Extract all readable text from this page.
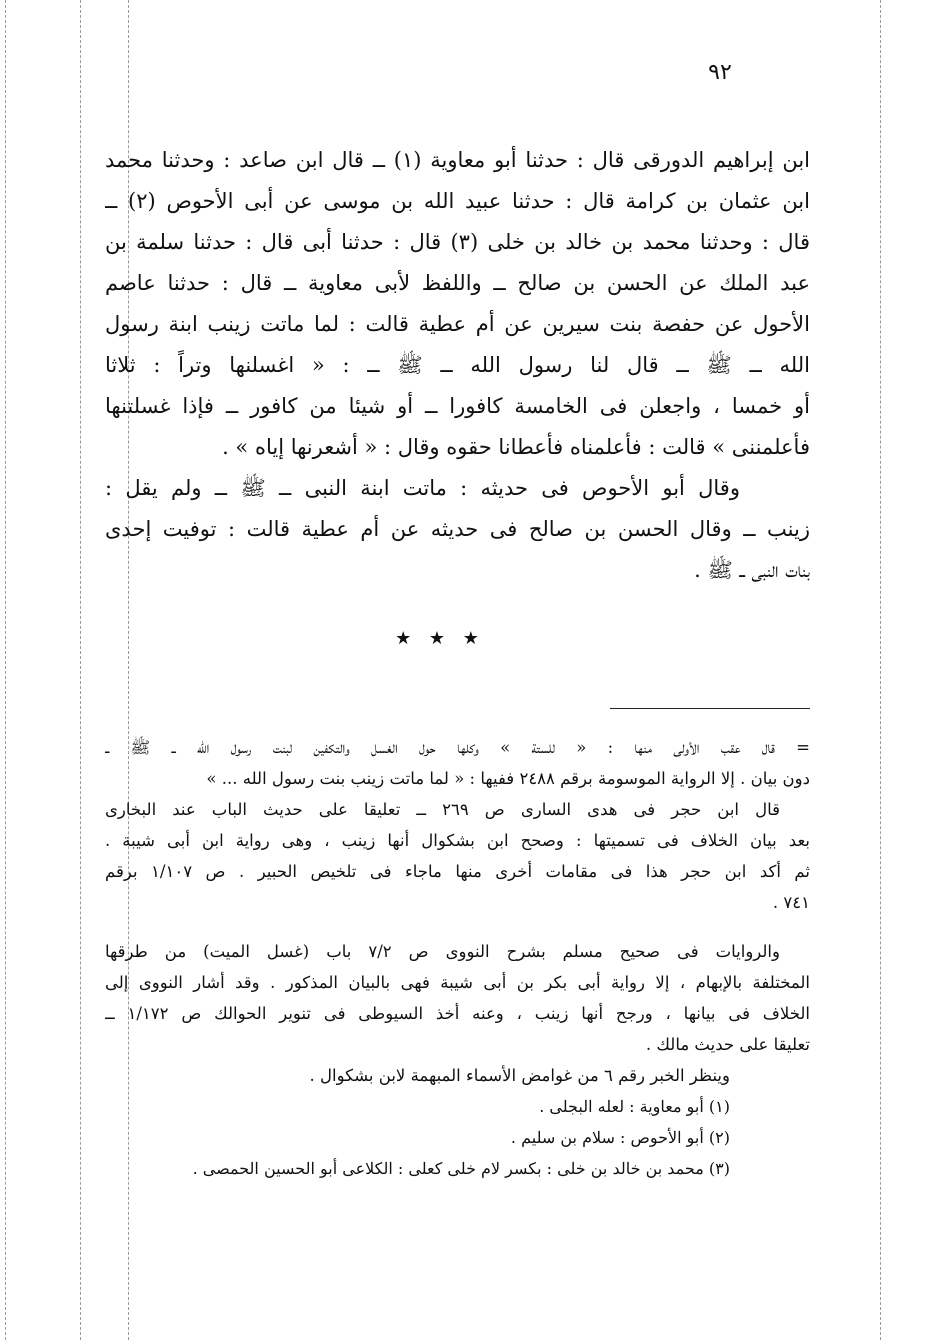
٩٢
ابن إبراهيم الدورقى قال : حدثنا أبو معاوية (١) ــ قال ابن صاعد : وحدثنا محمد
ابن عثمان بن كرامة قال : حدثنا عبيد الله بن موسى عن أبى الأحوص (٢) ــ
قال : وحدثنا محمد بن خالد بن خلى (٣) قال : حدثنا أبى قال : حدثنا سلمة بن
عبد الملك عن الحسن بن صالح ــ واللفظ لأبى معاوية ــ قال : حدثنا عاصم
الأحول عن حفصة بنت سيرين عن أم عطية قالت : لما ماتت زينب ابنة رسول
الله ــ ﷺ ــ قال لنا رسول الله ــ ﷺ ــ : « اغسلنها وتراً : ثلاثا
أو خمسا ، واجعلن فى الخامسة كافورا ــ أو شيئا من كافور ــ فإذا غسلتنها
فأعلمننى » قالت : فأعلمناه فأعطانا حقوه وقال : « أشعرنها إياه » .
وقال أبو الأحوص فى حديثه : ماتت ابنة النبى ــ ﷺ ــ ولم يقل :
زينب ــ وقال الحسن بن صالح فى حديثه عن أم عطية قالت : توفيت إحدى
بنات النبى ــ ﷺ .
★ ★ ★
= قال عقب الأولى منها : « للستة » وكلها حول الغسل والتكفين لبنت رسول الله ــ ﷺ ــ
دون بيان . إلا الرواية الموسومة برقم ٢٤٨٨ ففيها : « لما ماتت زينب بنت رسول الله ... »
قال ابن حجر فى هدى السارى ص ٢٦٩ ــ تعليقا على حديث الباب عند البخارى
بعد بيان الخلاف فى تسميتها : وصحح ابن بشكوال أنها زينب ، وهى رواية ابن أبى شيبة .
ثم أكد ابن حجر هذا فى مقامات أخرى منها ماجاء فى تلخيص الحبير . ص ١/١٠٧ برقم
٧٤١ .
والروايات فى صحيح مسلم بشرح النووى ص ٧/٢ باب (غسل الميت) من طرقها
المختلفة بالإبهام ، إلا رواية أبى بكر بن أبى شيبة فهى بالبيان المذكور . وقد أشار النووى إلى
الخلاف فى بيانها ، ورجح أنها زينب ، وعنه أخذ السيوطى فى تنوير الحوالك ص ١/١٧٢ ــ
تعليقا على حديث مالك .
وينظر الخبر رقم ٦ من غوامض الأسماء المبهمة لابن بشكوال .
(١) أبو معاوية : لعله البجلى .
(٢) أبو الأحوص : سلام بن سليم .
(٣) محمد بن خالد بن خلى : بكسر لام خلى كعلى : الكلاعى أبو الحسين الحمصى .
